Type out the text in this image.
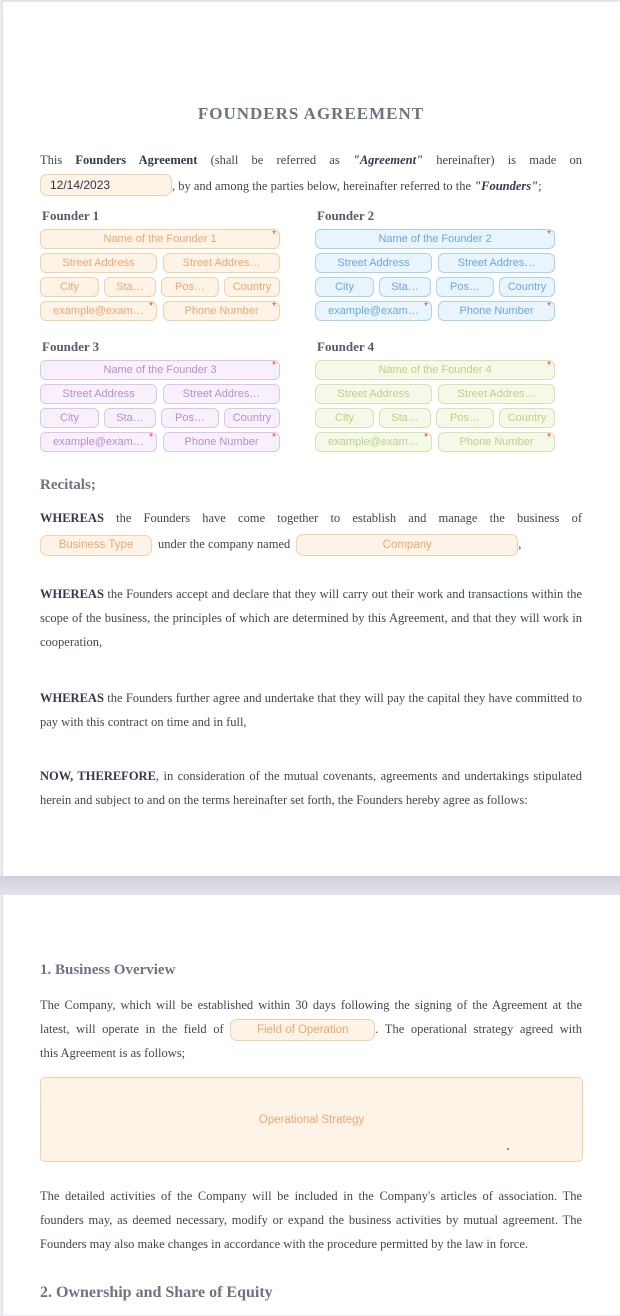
FOUNDERS AGREEMENT
This Founders Agreement (shall be referred as "Agreement" hereinafter) is made on
12/14/2023	, by and among the parties below, hereinafter referred to the "Founders";
Founder 1
Name of the Founder 1	*
Street Address	Street Addres…
City	Sta…	Pos…	Country
example@exam… *	Phone Number *
Founder 2
Name of the Founder 2	*
Street Address	Street Addres…
City	Sta…	Pos…	Country
example@exam… *	Phone Number *
Founder 3
Name of the Founder 3	*
Street Address	Street Addres…
City	Sta…	Pos…	Country
example@exam… *	Phone Number *
Founder 4
Name of the Founder 4	*
Street Address	Street Addres…
City	Sta…	Pos…	Country
example@exam… *	Phone Number *
Recitals;
WHEREAS the Founders have come together to establish and manage the business of
Business Type under the company named	Company	,
WHEREAS the Founders accept and declare that they will carry out their work and transactions within the
scope of the business, the principles of which are determined by this Agreement, and that they will work in
cooperation,
WHEREAS the Founders further agree and undertake that they will pay the capital they have committed to
pay with this contract on time and in full,
NOW, THEREFORE, in consideration of the mutual covenants, agreements and undertakings stipulated
herein and subject to and on the terms hereinafter set forth, the Founders hereby agree as follows:
1. Business Overview
The Company, which will be established within 30 days following the signing of the Agreement at the
latest, will operate in the field of	Field of Operation . The operational strategy agreed with
this Agreement is as follows;
Operational Strategy
The detailed activities of the Company will be included in the Company's articles of association. The
founders may, as deemed necessary, modify or expand the business activities by mutual agreement. The
Founders may also make changes in accordance with the procedure permitted by the law in force.
2. Ownership and Share of Equity
